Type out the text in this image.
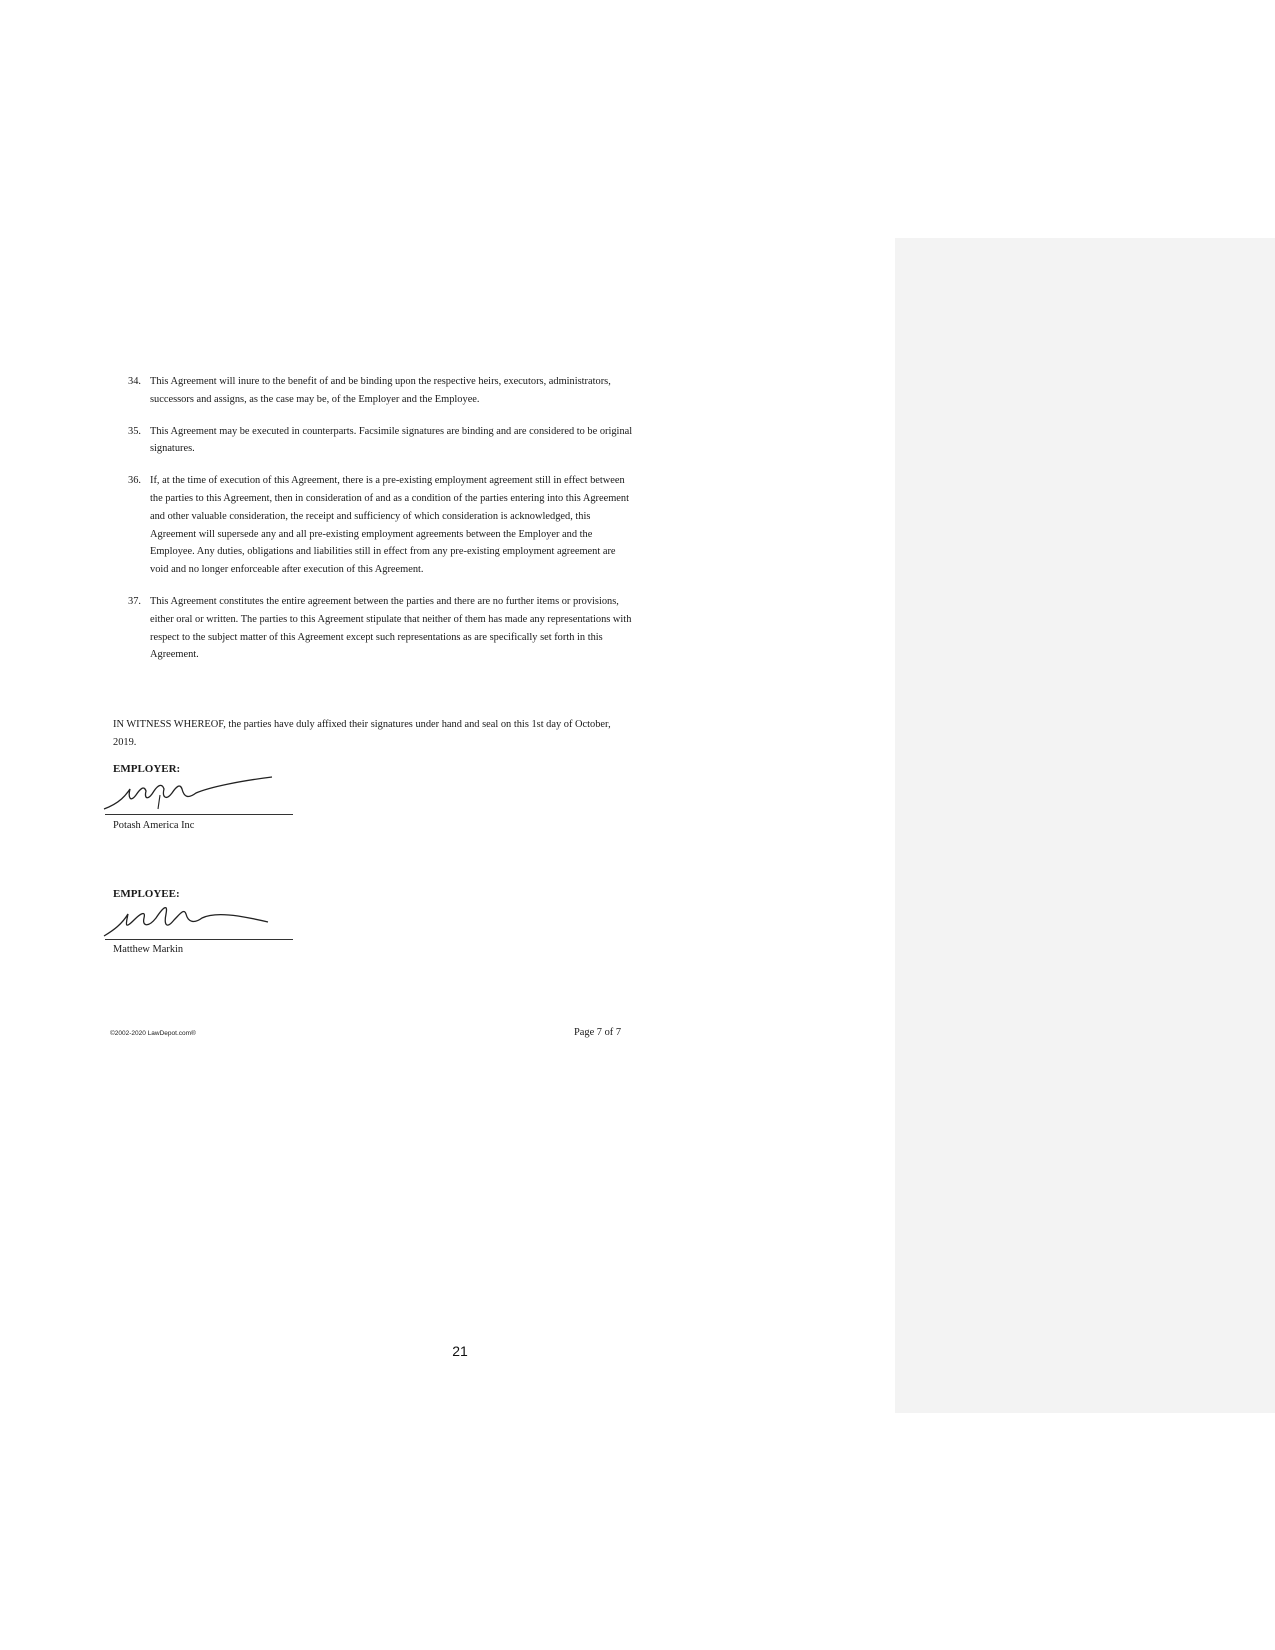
34. This Agreement will inure to the benefit of and be binding upon the respective heirs, executors, administrators, successors and assigns, as the case may be, of the Employer and the Employee.
35. This Agreement may be executed in counterparts. Facsimile signatures are binding and are considered to be original signatures.
36. If, at the time of execution of this Agreement, there is a pre-existing employment agreement still in effect between the parties to this Agreement, then in consideration of and as a condition of the parties entering into this Agreement and other valuable consideration, the receipt and sufficiency of which consideration is acknowledged, this Agreement will supersede any and all pre-existing employment agreements between the Employer and the Employee. Any duties, obligations and liabilities still in effect from any pre-existing employment agreement are void and no longer enforceable after execution of this Agreement.
37. This Agreement constitutes the entire agreement between the parties and there are no further items or provisions, either oral or written. The parties to this Agreement stipulate that neither of them has made any representations with respect to the subject matter of this Agreement except such representations as are specifically set forth in this Agreement.
IN WITNESS WHEREOF, the parties have duly affixed their signatures under hand and seal on this 1st day of October, 2019.
EMPLOYER:
Potash America Inc
EMPLOYEE:
Matthew Markin
©2002-2020 LawDepot.com®	Page 7 of 7
21
